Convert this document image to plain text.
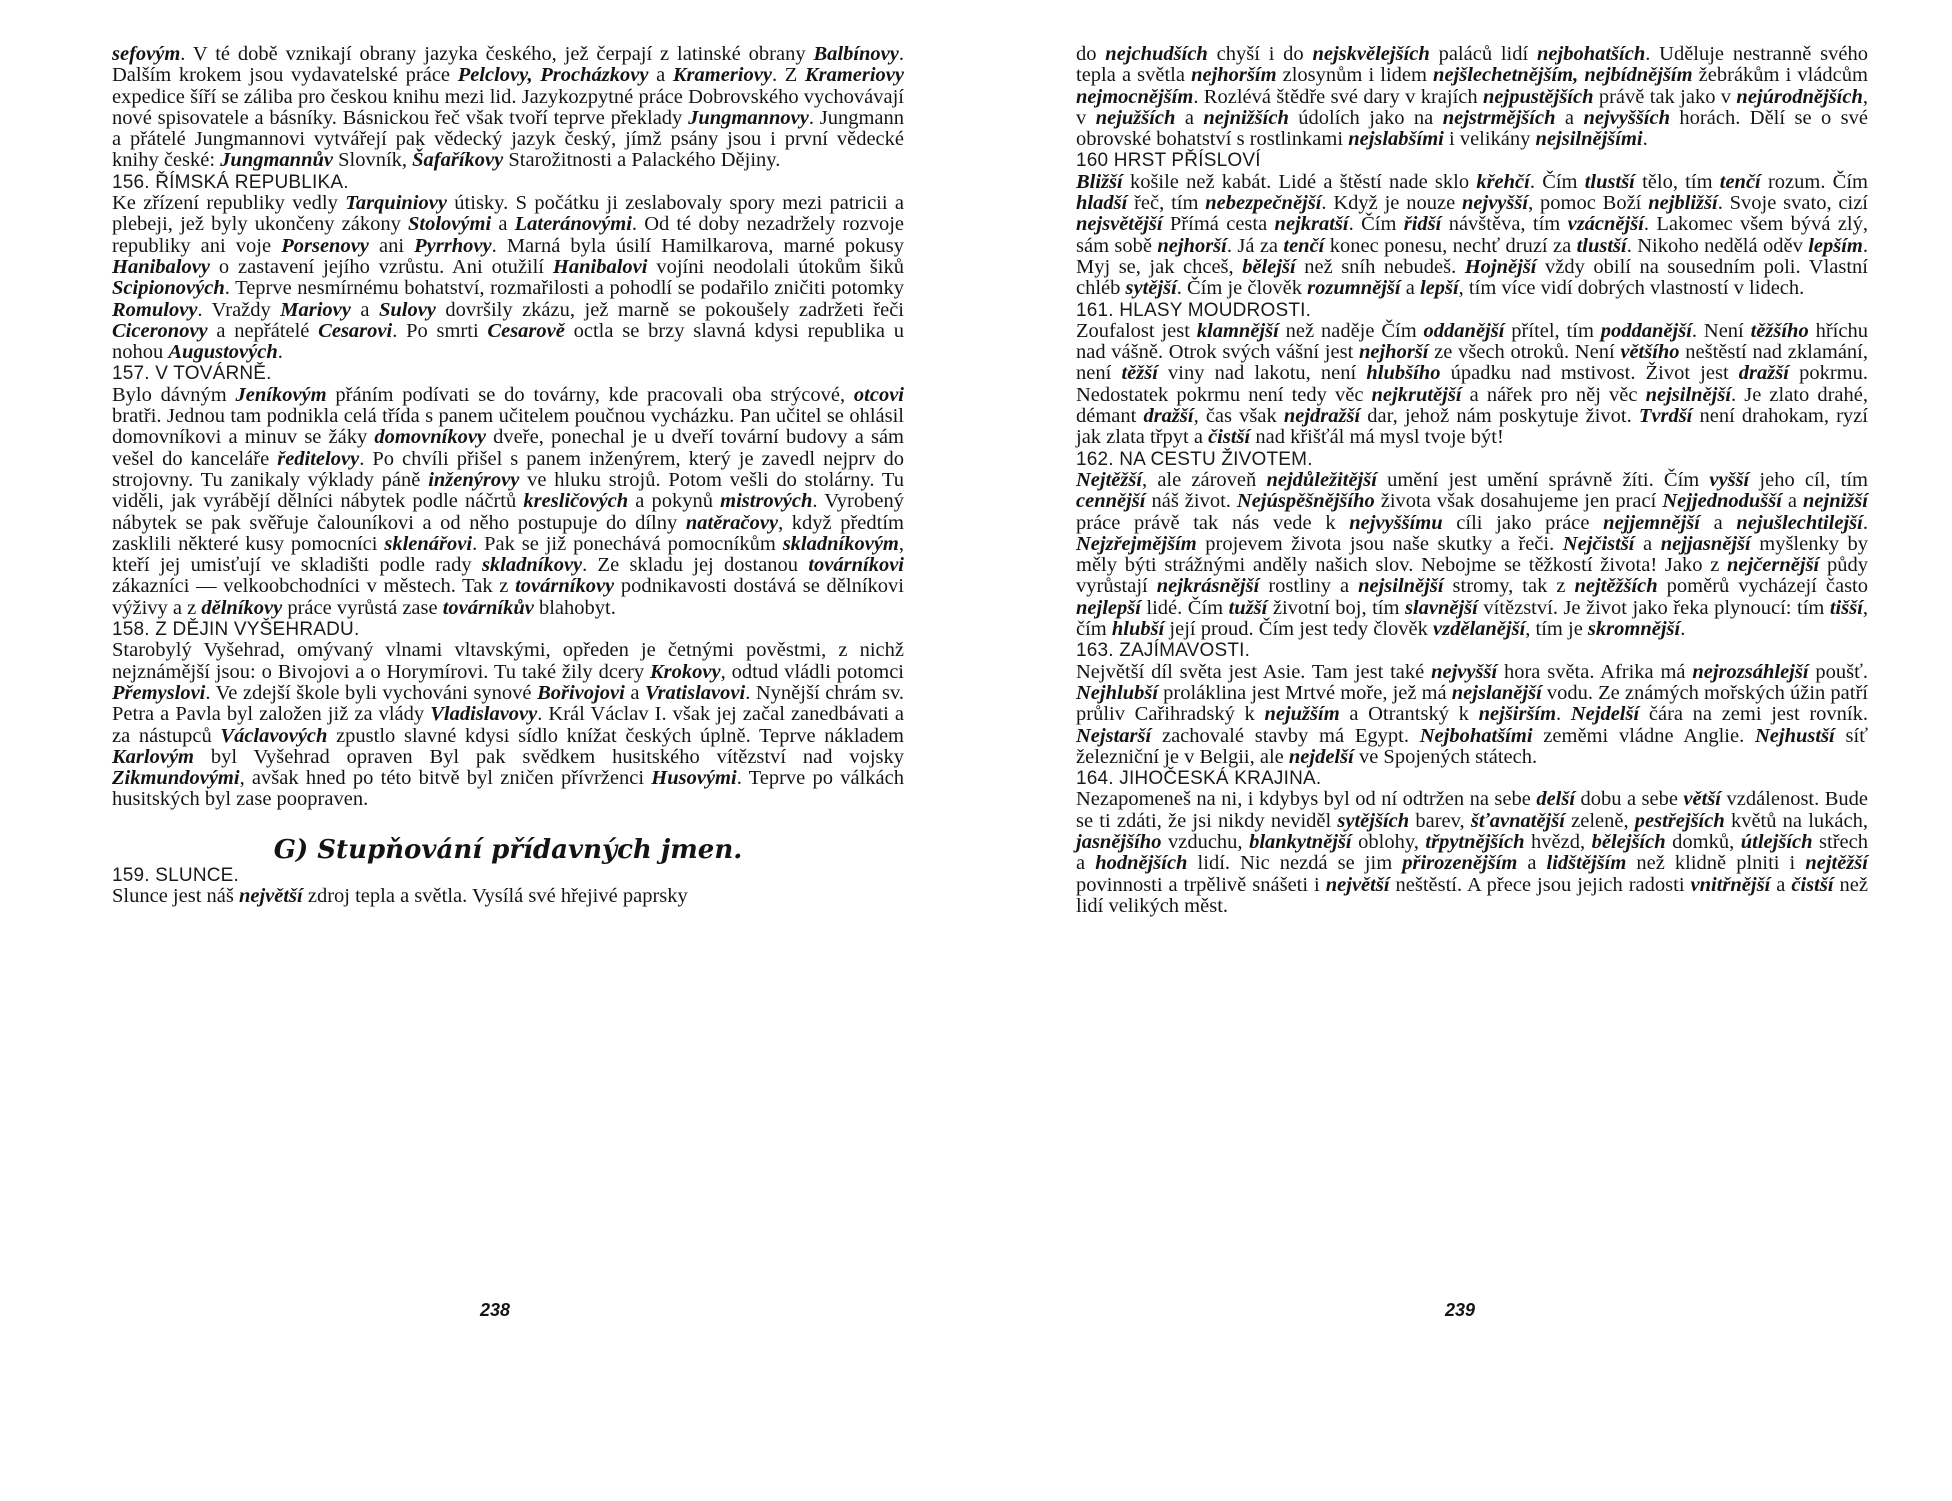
sefovým. V té době vznikají obrany jazyka českého, jež čerpají z latinské obrany Balbínovy. Dalším krokem jsou vydavatelské práce Pelclovy, Procházkovy a Krameriovy. Z Krameriovy expedice šíří se záliba pro českou knihu mezi lid. Jazykozpytné práce Dobrovského vychovávají nové spisovatele a básníky. Básnickou řeč však tvoří teprve překlady Jungmannovy. Jungmann a přátelé Jungmannovi vytvářejí pak vědecký jazyk český, jímž psány jsou i první vědecké knihy české: Jungmannův Slovník, Šafaříkovy Starožitnosti a Palackého Dějiny.

156. ŘÍMSKÁ REPUBLIKA.

Ke zřízení republiky vedly Tarquiniovy útisky. S počátku ji zeslabovaly spory mezi patricii a plebeji, jež byly ukončeny zákony Stolovými a Lateránovými. Od té doby nezadržely rozvoje republiky ani voje Porsenovy ani Pyrrhovy. Marná byla úsilí Hamilkarova, marné pokusy Hanibalovy o zastavení jejího vzrůstu. Ani otužilí Hanibalovi vojíni neodolali útokům šiků Scipionových. Teprve nesmírnému bohatství, rozmařilosti a pohodlí se podařilo zničiti potomky Romulovy. Vraždy Mariovy a Sulovy dovršily zkázu, jež marně se pokoušely zadržeti řeči Ciceronovy a nepřátelé Cesarovi. Po smrti Cesarově octla se brzy slavná kdysi republika u nohou Augustových.

157. V TOVÁRNĚ.

Bylo dávným Jeníkovým přáním podívati se do továrny, kde pracovali oba strýcové, otcovi bratři. Jednou tam podnikla celá třída s panem učitelem poučnou vycházku. Pan učitel se ohlásil domovníkovi a minuv se žáky domovníkovy dveře, ponechal je u dveří tovární budovy a sám vešel do kanceláře ředitelovy. Po chvíli přišel s panem inženýrem, který je zavedl nejprv do strojovny. Tu zanikaly výklady páně inženýrovy ve hluku strojů. Potom vešli do stolárny. Tu viděli, jak vyrábějí dělníci nábytek podle náčrtů kresličových a pokynů mistrových. Vyrobený nábytek se pak svěřuje čalouníkovi a od něho postupuje do dílny natěračovy, když předtím zasklili některé kusy pomocníci sklenářovi. Pak se již ponechává pomocníkům skladníkovým, kteří jej umisťují ve skladišti podle rady skladníkovy. Ze skladu jej dostanou továrníkovi zákazníci — velkoobchodníci v městech. Tak z továrníkovy podnikavosti dostává se dělníkovi výživy a z dělníkovy práce vyrůstá zase továrníkův blahobyt.

158. Z DĚJIN VYŠEHRADU.

Starobylý Vyšehrad, omývaný vlnami vltavskými, opředen je četnými pověstmi, z nichž nejznámější jsou: o Bivojovi a o Horymírovi. Tu také žily dcery Krokovy, odtud vládli potomci Přemyslovi. Ve zdejší škole byli vychováni synové Bořivojovi a Vratislavovi. Nynější chrám sv. Petra a Pavla byl založen již za vlády Vladislavovy. Král Václav I. však jej začal zanedbávati a za nástupců Václavových zpustlo slavné kdysi sídlo knížat českých úplně. Teprve nákladem Karlovým byl Vyšehrad opraven Byl pak svědkem husitského vítězství nad vojsky Zikmundovými, avšak hned po této bitvě byl zničen přívrženci Husovými. Teprve po válkách husitských byl zase poopraven.

G) Stupňování přídavných jmen.
159. SLUNCE.

Slunce jest náš největší zdroj tepla a světla. Vysílá své hřejivé paprsky

238

do nejchudších chyší i do nejskvělejších paláců lidí nejbohatších. Uděluje nestranně svého tepla a světla nejhorším zlosynům i lidem nejšlechetnějším, nejbídnějším žebrákům i vládcům nejmocnějším. Rozlévá štědře své dary v krajích nejpustějších právě tak jako v nejúrodnějších, v nejužších a nejnižších údolích jako na nejstrmějších a nejvyšších horách. Dělí se o své obrovské bohatství s rostlinkami nejslabšími i velikány nejsilnějšími.

160 HRST PŘÍSLOVÍ

Bližší košile než kabát. Lidé a štěstí nade sklo křehčí. Čím tlustší tělo, tím tenčí rozum. Čím hladší řeč, tím nebezpečnější. Když je nouze nejvyšší, pomoc Boží nejbližší. Svoje svato, cizí nejsvětější Přímá cesta nejkratší. Čím řidší návštěva, tím vzácnější. Lakomec všem bývá zlý, sám sobě nejhorší. Já za tenčí konec ponesu, nechť druzí za tlustší. Nikoho nedělá oděv lepším. Myj se, jak chceš, bělejší než sníh nebudeš. Hojnější vždy obilí na sousedním poli. Vlastní chléb sytější. Čím je člověk rozumnější a lepší, tím více vidí dobrých vlastností v lidech.

161. HLASY MOUDROSTI.

Zoufalost jest klamnější než naděje Čím oddanější přítel, tím poddanější. Není těžšího hříchu nad vášně. Otrok svých vášní jest nejhorší ze všech otroků. Není většího neštěstí nad zklamání, není těžší viny nad lakotu, není hlubšího úpadku nad mstivost. Život jest dražší pokrmu. Nedostatek pokrmu není tedy věc nejkrutější a nářek pro něj věc nejsilnější. Je zlato drahé, démant dražší, čas však nejdražší dar, jehož nám poskytuje život. Tvrdší není drahokam, ryzí jak zlata třpyt a čistší nad křišťál má mysl tvoje být!

162. NA CESTU ŽIVOTEM.

Nejtěžší, ale zároveň nejdůležitější umění jest umění správně žíti. Čím vyšší jeho cíl, tím cennější náš život. Nejúspěšnějšího života však dosahujeme jen prací Nejjednodušší a nejnižší práce právě tak nás vede k nejvyššímu cíli jako práce nejjemnější a nejušlechtilejší. Nejzřejmějším projevem života jsou naše skutky a řeči. Nejčistší a nejjasnější myšlenky by měly býti strážnými anděly našich slov. Nebojme se těžkostí života! Jako z nejčernější půdy vyrůstají nejkrásnější rostliny a nejsilnější stromy, tak z nejtěžších poměrů vycházejí často nejlepší lidé. Čím tužší životní boj, tím slavnější vítězství. Je život jako řeka plynoucí: tím tišší, čím hlubší její proud. Čím jest tedy člověk vzdělanější, tím je skromnější.

163. ZAJÍMAVOSTI.

Největší díl světa jest Asie. Tam jest také nejvyšší hora světa. Afrika má nejrozsáhlejší poušť. Nejhlubší proláklina jest Mrtvé moře, jež má nejslanější vodu. Ze známých mořských úžin patří průliv Cařihradský k nejužším a Otrantský k nejširším. Nejdelší čára na zemi jest rovník. Nejstarší zachovalé stavby má Egypt. Nejbohatšími zeměmi vládne Anglie. Nejhustší síť železniční je v Belgii, ale nejdelší ve Spojených státech.

164. JIHOČESKÁ KRAJINA.

Nezapomeneš na ni, i kdybys byl od ní odtržen na sebe delší dobu a sebe větší vzdálenost. Bude se ti zdáti, že jsi nikdy neviděl sytějších barev, šťavnatější zeleně, pestřejších květů na lukách, jasnějšího vzduchu, blankytnější oblohy, třpytnějších hvězd, bělejších domků, útlejších střech a hodnějších lidí. Nic nezdá se jim přirozenějším a lidštějším než klidně plniti i nejtěžší povinnosti a trpělivě snášeti i největší neštěstí. A přece jsou jejich radosti vnitřnější a čistší než lidí velikých měst.

239
